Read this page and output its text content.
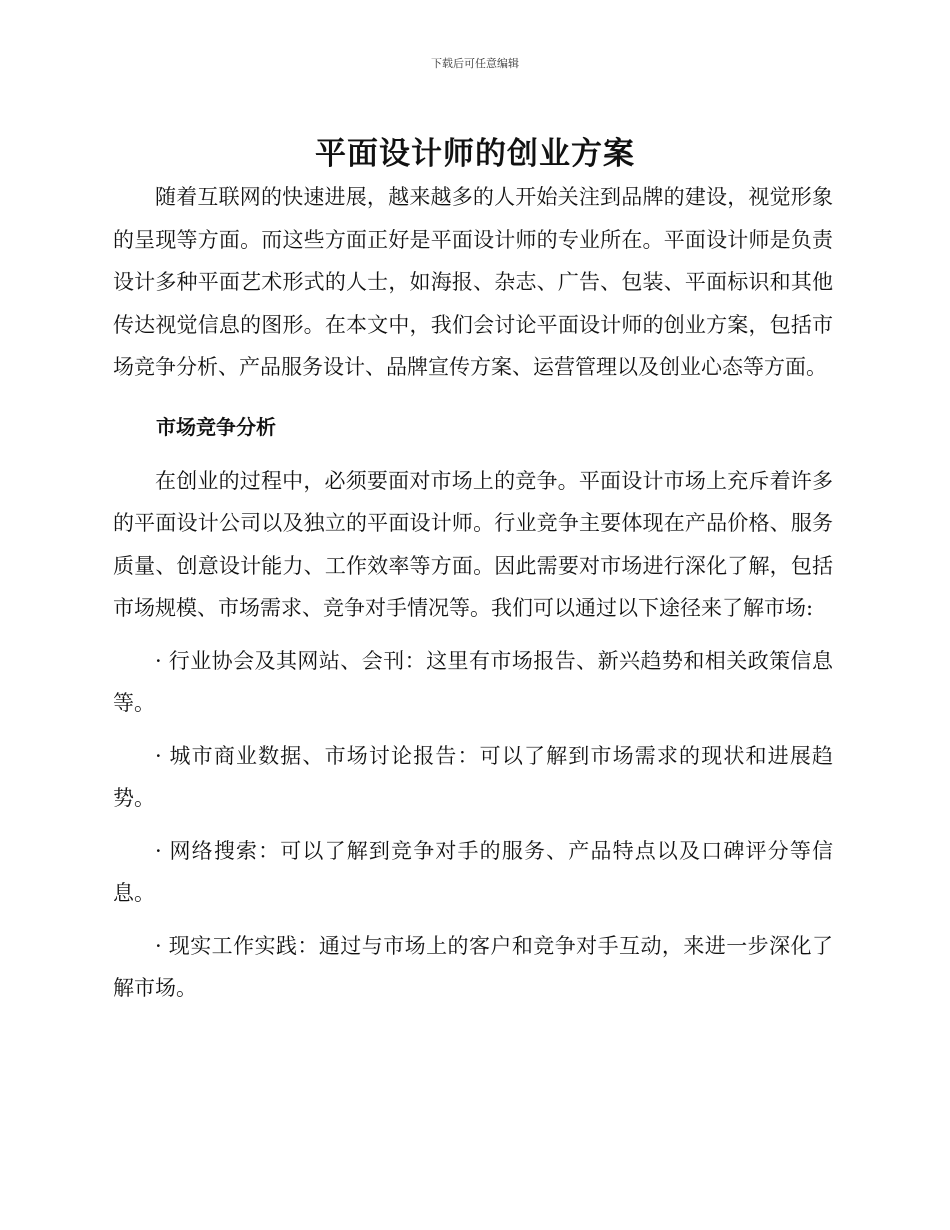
下载后可任意编辑
平面设计师的创业方案

随着互联网的快速进展，越来越多的人开始关注到品牌的建设，视觉形象的呈现等方面。而这些方面正好是平面设计师的专业所在。平面设计师是负责设计多种平面艺术形式的人士，如海报、杂志、广告、包装、平面标识和其他传达视觉信息的图形。在本文中，我们会讨论平面设计师的创业方案，包括市场竞争分析、产品服务设计、品牌宣传方案、运营管理以及创业心态等方面。

市场竞争分析

在创业的过程中，必须要面对市场上的竞争。平面设计市场上充斥着许多的平面设计公司以及独立的平面设计师。行业竞争主要体现在产品价格、服务质量、创意设计能力、工作效率等方面。因此需要对市场进行深化了解，包括市场规模、市场需求、竞争对手情况等。我们可以通过以下途径来了解市场:

· 行业协会及其网站、会刊：这里有市场报告、新兴趋势和相关政策信息等。

· 城市商业数据、市场讨论报告：可以了解到市场需求的现状和进展趋势。

· 网络搜索：可以了解到竞争对手的服务、产品特点以及口碑评分等信息。

· 现实工作实践：通过与市场上的客户和竞争对手互动，来进一步深化了解市场。
